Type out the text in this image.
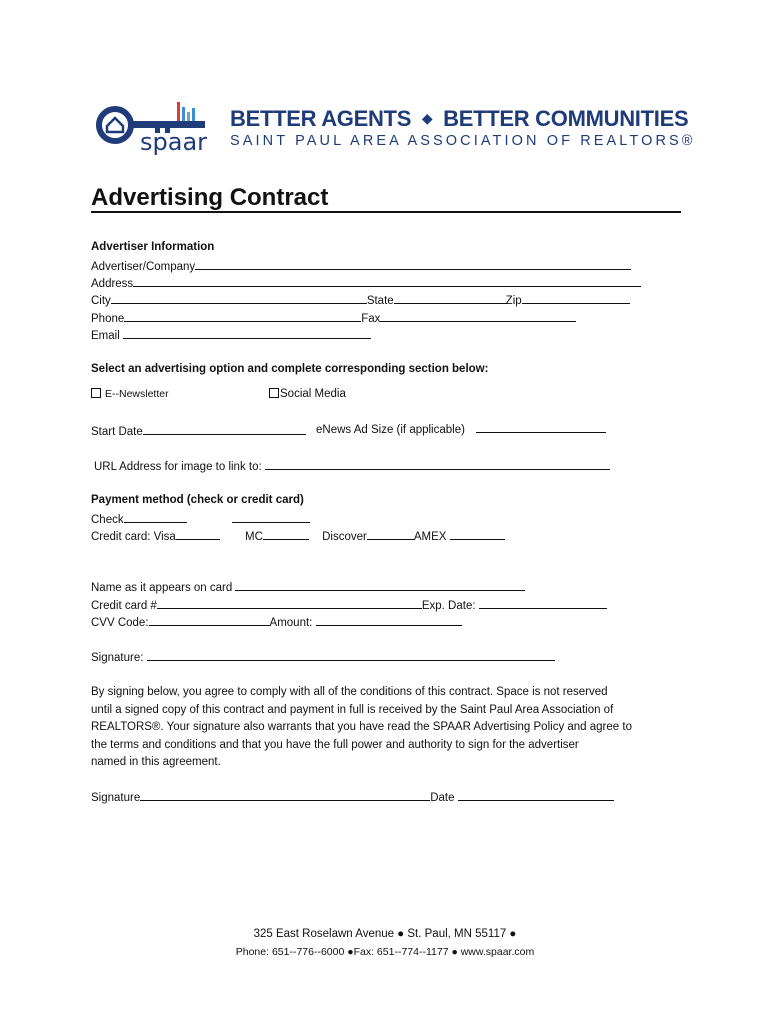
spaar
BETTER AGENTS ◆ BETTER COMMUNITIES
SAINT PAUL AREA ASSOCIATION OF REALTORS®
Advertising Contract
Advertiser Information
Advertiser/Company
Address
City	State	Zip
Phone	Fax
Email
Select an advertising option and complete corresponding section below:
E--Newsletter	Social Media
Start Date	eNews Ad Size (if applicable)
URL Address for image to link to:
Payment method (check or credit card)
Check
Credit card: Visa	MC	Discover	AMEX
Name as it appears on card
Credit card #	Exp. Date:
CVV Code:	Amount:
Signature:
By signing below, you agree to comply with all of the conditions of this contract. Space is not reserved
until a signed copy of this contract and payment in full is received by the Saint Paul Area Association of
REALTORS®. Your signature also warrants that you have read the SPAAR Advertising Policy and agree to
the terms and conditions and that you have the full power and authority to sign for the advertiser
named in this agreement.
Signature	Date
325 East Roselawn Avenue ● St. Paul, MN 55117 ●
Phone: 651--776--6000 ●Fax: 651--774--1177 ● www.spaar.com
